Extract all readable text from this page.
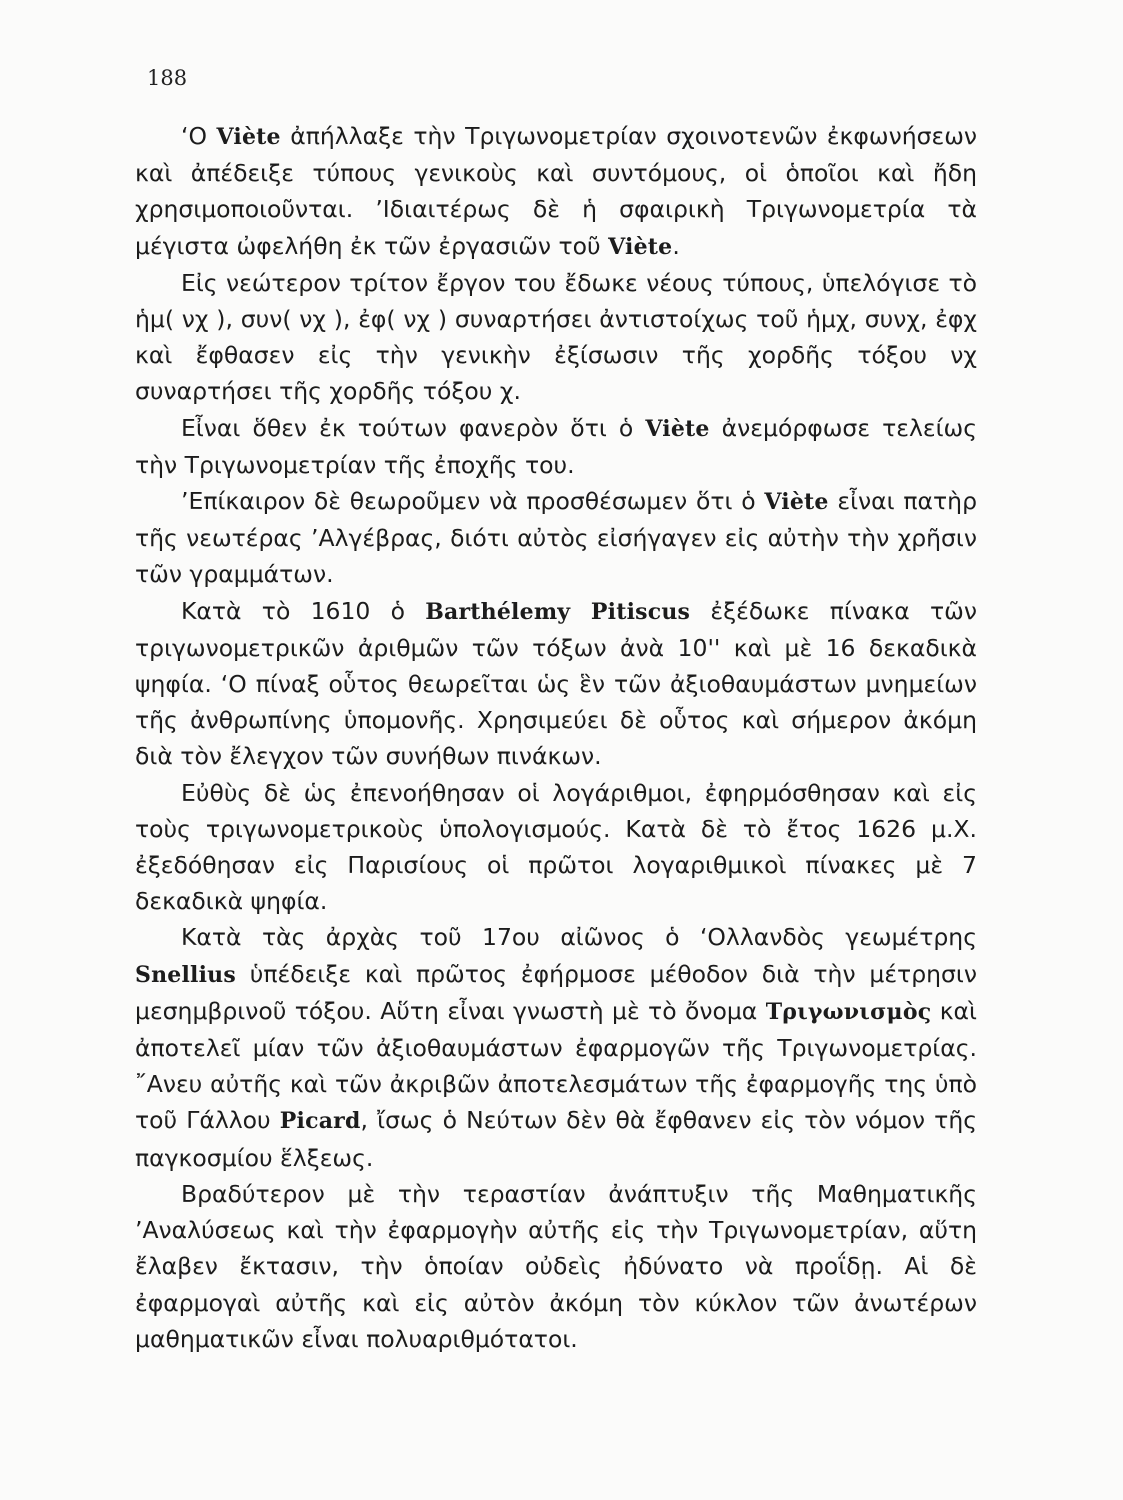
188

‘Ο Viète ἀπήλλαξε τὴν Τριγωνομετρίαν σχοινοτενῶν ἐκφωνήσεων καὶ ἀπέδειξε τύπους γενικοὺς καὶ συντόμους, οἱ ὁποῖοι καὶ ἤδη χρησιμοποιοῦνται. ’Ιδιαιτέρως δὲ ἡ σφαιρικὴ Τριγωνομετρία τὰ μέγιστα ὠφελήθη ἐκ τῶν ἐργασιῶν τοῦ Viète.

Εἰς νεώτερον τρίτον ἔργον του ἔδωκε νέους τύπους, ὑπελόγισε τὸ ἡμ( νχ ), συν( νχ ), ἐφ( νχ ) συναρτήσει ἀντιστοίχως τοῦ ἡμχ, συνχ, ἐφχ καὶ ἔφθασεν εἰς τὴν γενικὴν ἐξίσωσιν τῆς χορδῆς τόξου νχ συναρτήσει τῆς χορδῆς τόξου χ.

Εἶναι ὅθεν ἐκ τούτων φανερὸν ὅτι ὁ Viète ἀνεμόρφωσε τελείως τὴν Τριγωνομετρίαν τῆς ἐποχῆς του.

’Επίκαιρον δὲ θεωροῦμεν νὰ προσθέσωμεν ὅτι ὁ Viète εἶναι πατὴρ τῆς νεωτέρας ’Αλγέβρας, διότι αὐτὸς εἰσήγαγεν εἰς αὐτὴν τὴν χρῆσιν τῶν γραμμάτων.

Κατὰ τὸ 1610 ὁ Barthélemy Pitiscus ἐξέδωκε πίνακα τῶν τριγωνομετρικῶν ἀριθμῶν τῶν τόξων ἀνὰ 10'' καὶ μὲ 16 δεκαδικὰ ψηφία. ‘Ο πίναξ οὗτος θεωρεῖται ὡς ἓν τῶν ἀξιοθαυμάστων μνημείων τῆς ἀνθρωπίνης ὑπομονῆς. Χρησιμεύει δὲ οὗτος καὶ σήμερον ἀκόμη διὰ τὸν ἔλεγχον τῶν συνήθων πινάκων.

Εὐθὺς δὲ ὡς ἐπενοήθησαν οἱ λογάριθμοι, ἐφηρμόσθησαν καὶ εἰς τοὺς τριγωνομετρικοὺς ὑπολογισμούς. Κατὰ δὲ τὸ ἔτος 1626 μ.Χ. ἐξεδόθησαν εἰς Παρισίους οἱ πρῶτοι λογαριθμικοὶ πίνακες μὲ 7 δεκαδικὰ ψηφία.

Κατὰ τὰς ἀρχὰς τοῦ 17ου αἰῶνος ὁ ‘Ολλανδὸς γεωμέτρης Snellius ὑπέδειξε καὶ πρῶτος ἐφήρμοσε μέθοδον διὰ τὴν μέτρησιν μεσημβρινοῦ τόξου. Αὕτη εἶναι γνωστὴ μὲ τὸ ὄνομα Τριγωνισμὸς καὶ ἀποτελεῖ μίαν τῶν ἀξιοθαυμάστων ἐφαρμογῶν τῆς Τριγωνομετρίας. ῎Ανευ αὐτῆς καὶ τῶν ἀκριβῶν ἀποτελεσμάτων τῆς ἐφαρμογῆς της ὑπὸ τοῦ Γάλλου Picard, ἴσως ὁ Νεύτων δὲν θὰ ἔφθανεν εἰς τὸν νόμον τῆς παγκοσμίου ἕλξεως.

Βραδύτερον μὲ τὴν τεραστίαν ἀνάπτυξιν τῆς Μαθηματικῆς ’Αναλύσεως καὶ τὴν ἐφαρμογὴν αὐτῆς εἰς τὴν Τριγωνομετρίαν, αὕτη ἔλαβεν ἔκτασιν, τὴν ὁποίαν οὐδεὶς ἠδύνατο νὰ προΐδῃ. Αἱ δὲ ἐφαρμογαὶ αὐτῆς καὶ εἰς αὐτὸν ἀκόμη τὸν κύκλον τῶν ἀνωτέρων μαθηματικῶν εἶναι πολυαριθμότατοι.
